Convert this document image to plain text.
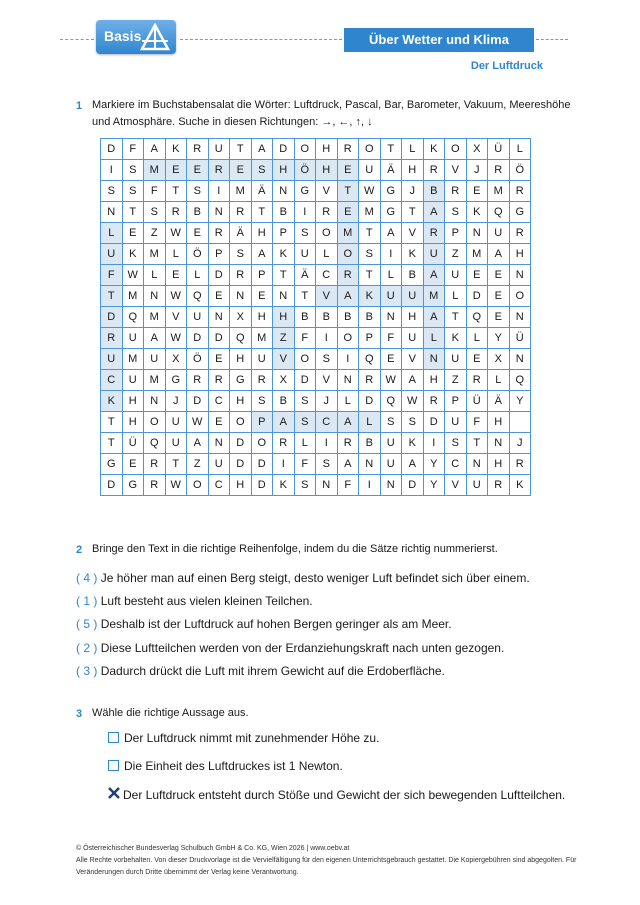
Basis	Über Wetter und Klima
Der Luftdruck
1 Markiere im Buchstabensalat die Wörter: Luftdruck, Pascal, Bar, Barometer, Vakuum, Meereshöhe
und Atmosphäre. Suche in diesen Richtungen: →, ←, ↑, ↓
D	F	A	K	R	U	T	A	D	O	H	R	O	T	L	K	O	X	Ü	L
I	S	M	E	E	R	E	S	H	Ö	H	E	U	Ä	H	R	V	J	R	Ö
S	S	F	T	S	I	M	Ä	N	G	V	T	W	G	J	B	R	E	M	R
N	T	S	R	B	N	R	T	B	I	R	E	M	G	T	A	S	K	Q	G
L	E	Z	W	E	R	Ä	H	P	S	O	M	T	A	V	R	P	N	U	R
U	K	M	L	Ö	P	S	A	K	U	L	O	S	I	K	U	Z	M	A	H
F	W	L	E	L	D	R	P	T	Ä	C	R	T	L	B	A	U	E	E	N
T	M	N	W	Q	E	N	E	N	T	V	A	K	U	U	M	L	D	E	O
D	Q	M	V	U	N	X	H	H	B	B	B	B	N	H	A	T	Q	E	N
R	U	A	W	D	D	Q	M	Z	F	I	O	P	F	U	L	K	L	Y	Ü
U	M	U	X	Ö	E	H	U	V	O	S	I	Q	E	V	N	U	E	X	N
C	U	M	G	R	R	G	R	X	D	V	N	R	W	A	H	Z	R	L	Q
K	H	N	J	D	C	H	S	B	S	J	L	D	Q	W	R	P	Ü	Ä	Y
T	H	O	U	W	E	O	P	A	S	C	A	L	S	S	D	U	F	H	
T	Ü	Q	U	A	N	D	O	R	L	I	R	B	U	K	I	S	T	N	J
G	E	R	T	Z	U	D	D	I	F	S	A	N	U	A	Y	C	N	H	R
D	G	R	W	O	C	H	D	K	S	N	F	I	N	D	Y	V	U	R	K
2 Bringe den Text in die richtige Reihenfolge, indem du die Sätze richtig nummerierst.
( 4 ) Je höher man auf einen Berg steigt, desto weniger Luft befindet sich über einem.
( 1 ) Luft besteht aus vielen kleinen Teilchen.
( 5 ) Deshalb ist der Luftdruck auf hohen Bergen geringer als am Meer.
( 2 ) Diese Luftteilchen werden von der Erdanziehungskraft nach unten gezogen.
( 3 ) Dadurch drückt die Luft mit ihrem Gewicht auf die Erdoberfläche.
3 Wähle die richtige Aussage aus.
Der Luftdruck nimmt mit zunehmender Höhe zu.
Die Einheit des Luftdruckes ist 1 Newton.
Der Luftdruck entsteht durch Stöße und Gewicht der sich bewegenden Luftteilchen.
© Österreichischer Bundesverlag Schulbuch GmbH & Co. KG, Wien 2026 | www.oebv.at
Alle Rechte vorbehalten. Von dieser Druckvorlage ist die Vervielfältigung für den eigenen Unterrichtsgebrauch gestattet. Die Kopiergebühren sind abgegolten. Für Veränderungen durch Dritte übernimmt der Verlag keine Verantwortung.
